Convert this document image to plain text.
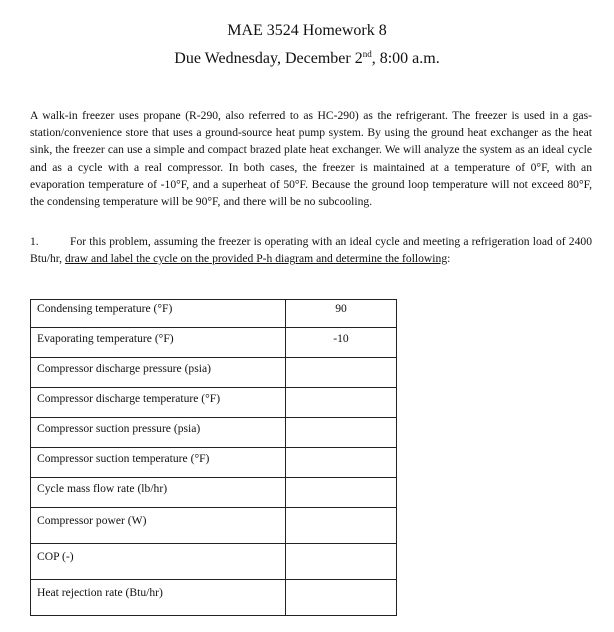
MAE 3524 Homework 8
Due Wednesday, December 2nd, 8:00 a.m.
A walk-in freezer uses propane (R-290, also referred to as HC-290) as the refrigerant. The freezer is used in a gas-station/convenience store that uses a ground-source heat pump system. By using the ground heat exchanger as the heat sink, the freezer can use a simple and compact brazed plate heat exchanger. We will analyze the system as an ideal cycle and as a cycle with a real compressor. In both cases, the freezer is maintained at a temperature of 0°F, with an evaporation temperature of -10°F, and a superheat of 50°F. Because the ground loop temperature will not exceed 80°F, the condensing temperature will be 90°F, and there will be no subcooling.
1.	For this problem, assuming the freezer is operating with an ideal cycle and meeting a refrigeration load of 2400 Btu/hr, draw and label the cycle on the provided P-h diagram and determine the following:
Condensing temperature (°F)	90
Evaporating temperature (°F)	-10
Compressor discharge pressure (psia)	
Compressor discharge temperature (°F)	
Compressor suction pressure (psia)	
Compressor suction temperature (°F)	
Cycle mass flow rate (lb/hr)	
Compressor power (W)	
COP (-)	
Heat rejection rate (Btu/hr)	
